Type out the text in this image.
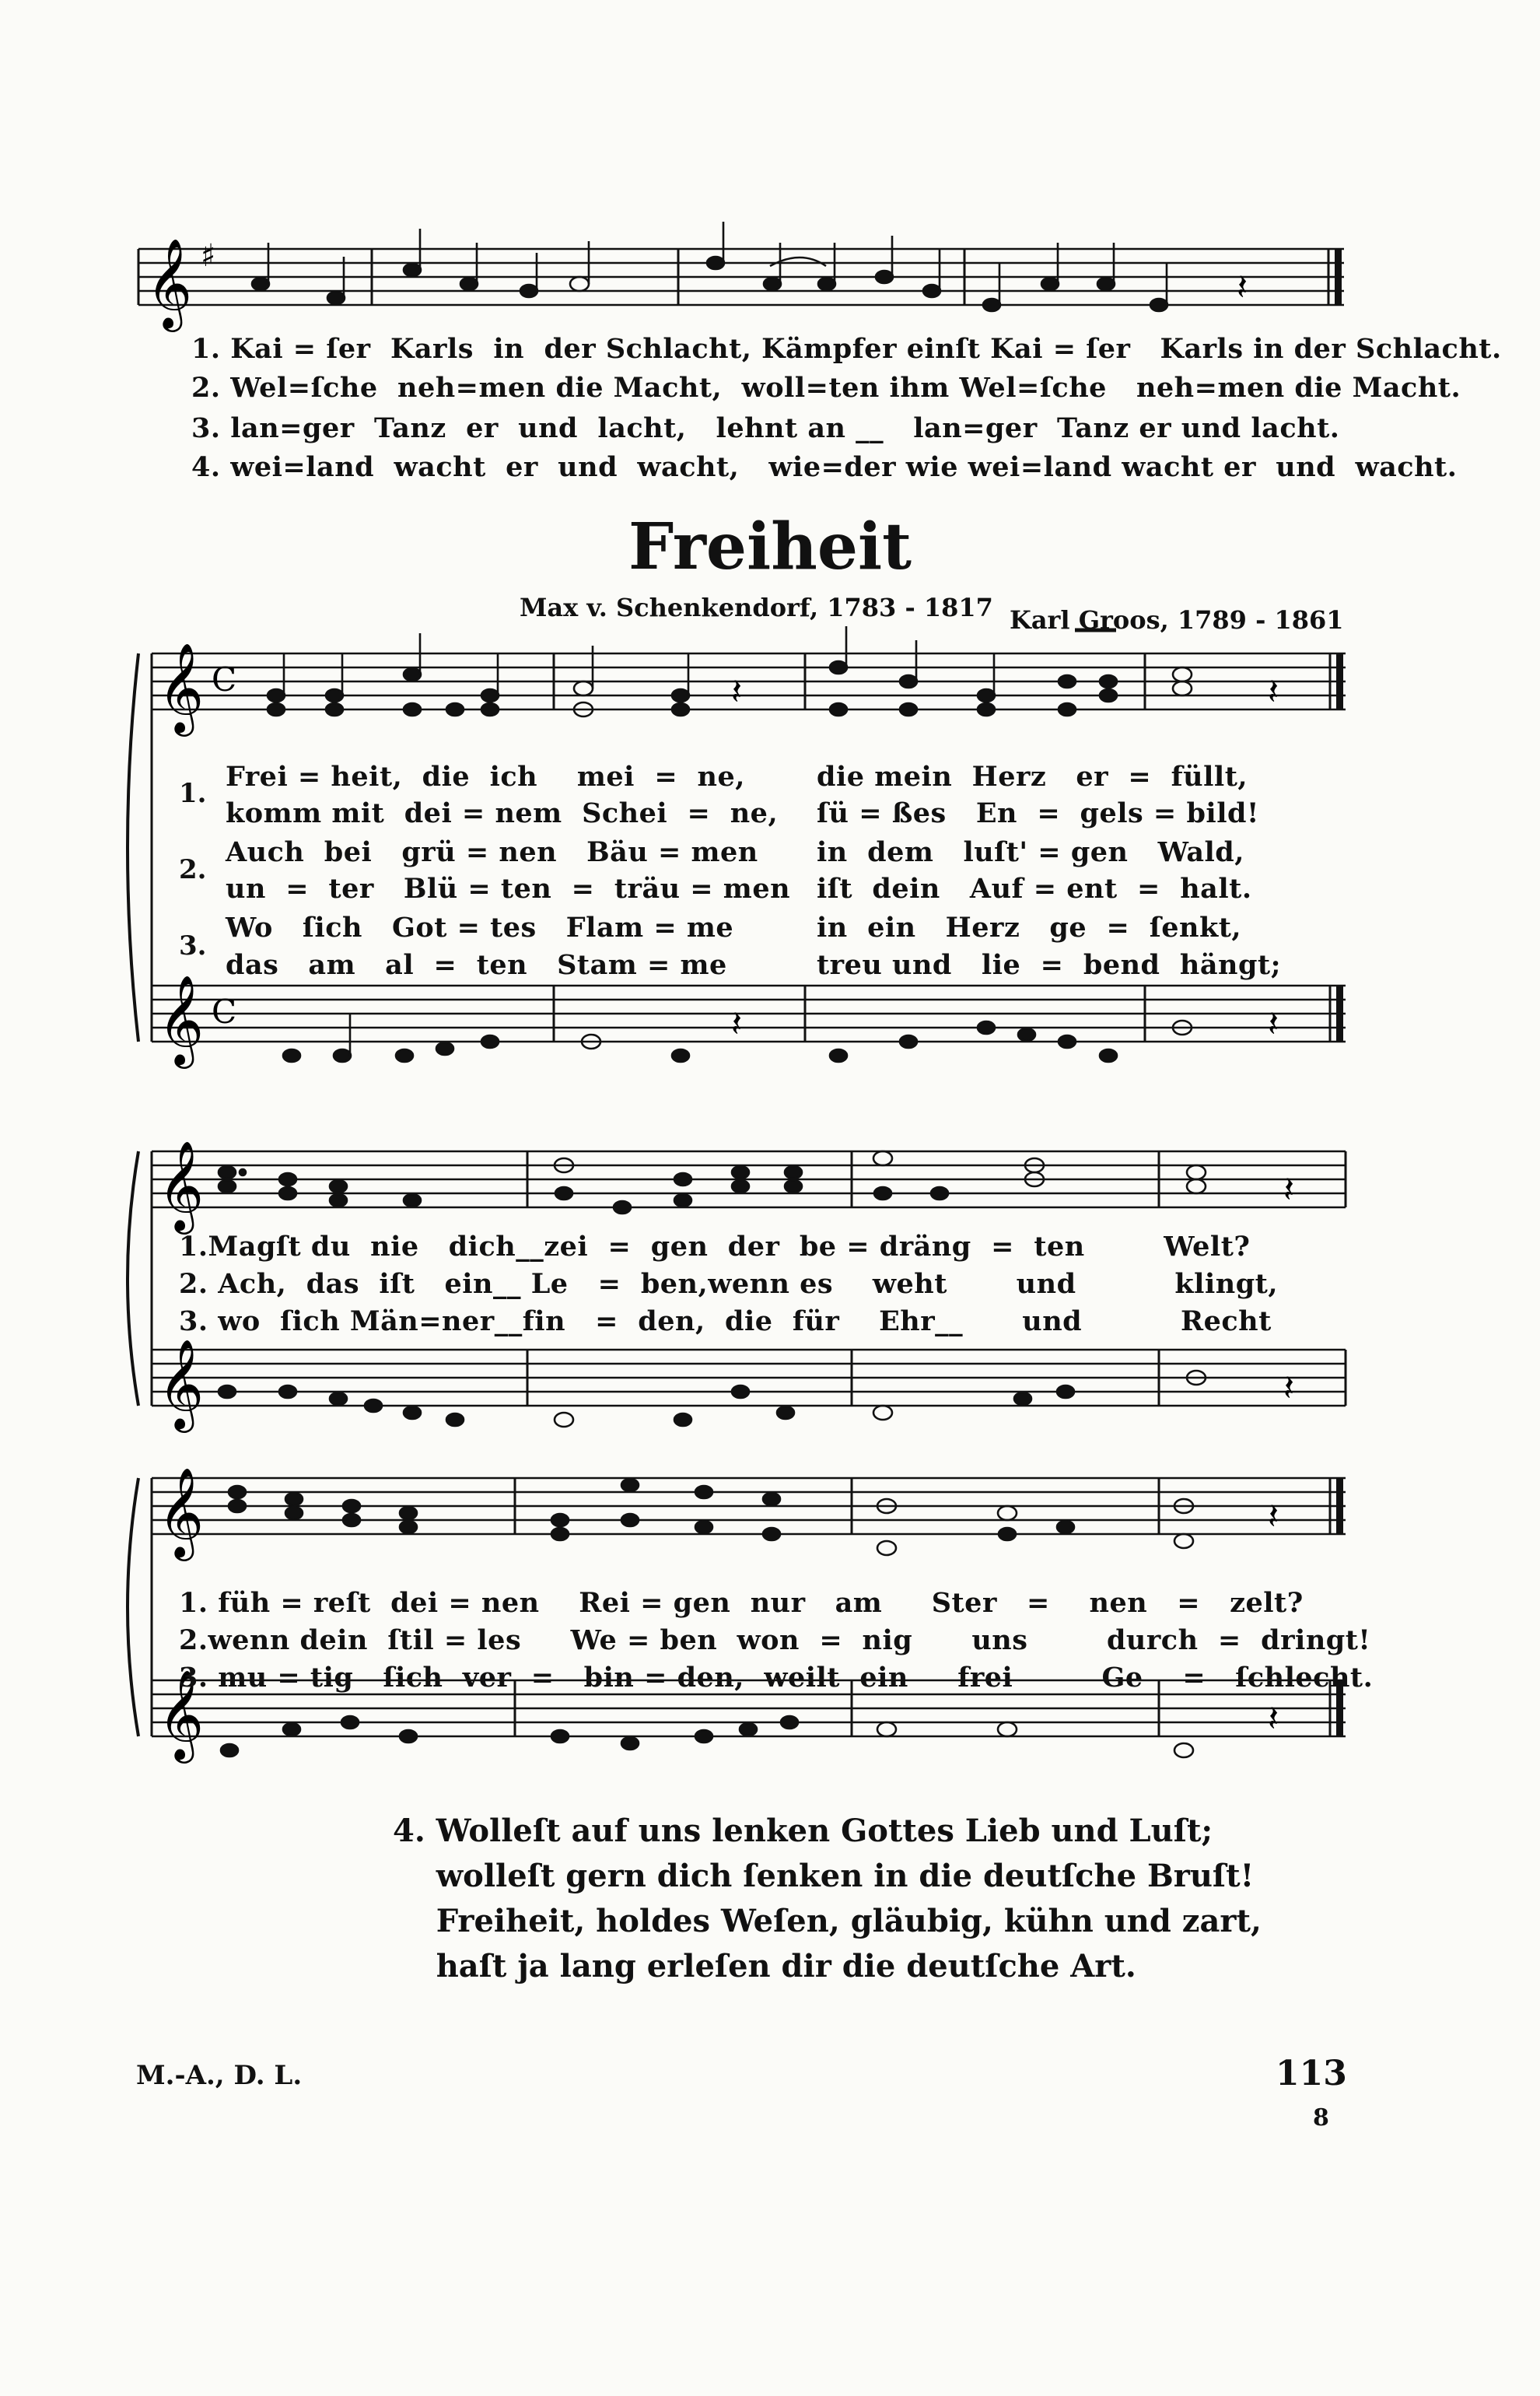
𝄞 ♯
𝄽
1. Kai = ſer  Karls  in  der Schlacht, Kämpfer einſt Kai = ſer   Karls in der Schlacht.
2. Wel=ſche  neh=men die Macht,  woll=ten ihm Wel=ſche   neh=men die Macht.
3. lan=ger  Tanz  er  und  lacht,   lehnt an __   lan=ger  Tanz er und lacht.
4. wei=land  wacht  er  und  wacht,   wie=der wie wei=land wacht er  und  wacht.
Freiheit
Max v. Schenkendorf, 1783 - 1817 Karl Groos, 1789 - 1861
𝄞
𝄞
C
C
𝄽	𝄽
𝄽	𝄽
1.
2.
3.
Frei = heit,  die  ich    mei  =  ne,
komm mit  dei = nem  Schei  =  ne,
Auch  bei   grü = nen   Bäu = men
un  =  ter   Blü = ten  =  träu = men
Wo   ſich   Got = tes   Flam = me
das   am   al  =  ten   Stam = me
die mein  Herz   er  =  füllt,
ſü = ßes   En  =  gels = bild!
in  dem   luſt' = gen   Wald,
iſt  dein   Auf = ent  =  halt.
in  ein   Herz   ge  =  ſenkt,
treu und   lie  =  bend  hängt;
𝄞
𝄞
𝄽
𝄽
1.Magſt du  nie   dich__zei  =  gen  der  be = dräng  =  ten        Welt?
2. Ach,  das  iſt   ein__ Le   =  ben,wenn es    weht       und          klingt,
3. wo  ſich Män=ner__fin   =  den,  die  für    Ehr__      und          Recht
𝄞
𝄞
𝄽
𝄽
1. füh = reſt  dei = nen    Rei = gen  nur   am     Ster   =    nen   =   zelt?
2.wenn dein  ſtil = les     We = ben  won  =  nig      uns        durch  =  dringt!
3. mu = tig   ſich  ver  =   bin = den,  weilt  ein     frei         Ge    =   ſchlecht.
4. Wolleſt auf uns lenken Gottes Lieb und Luſt;
wolleſt gern dich ſenken in die deutſche Bruſt!
Freiheit, holdes Weſen, gläubig, kühn und zart,
haſt ja lang erleſen dir die deutſche Art.
M.-A., D. L.	113
8
